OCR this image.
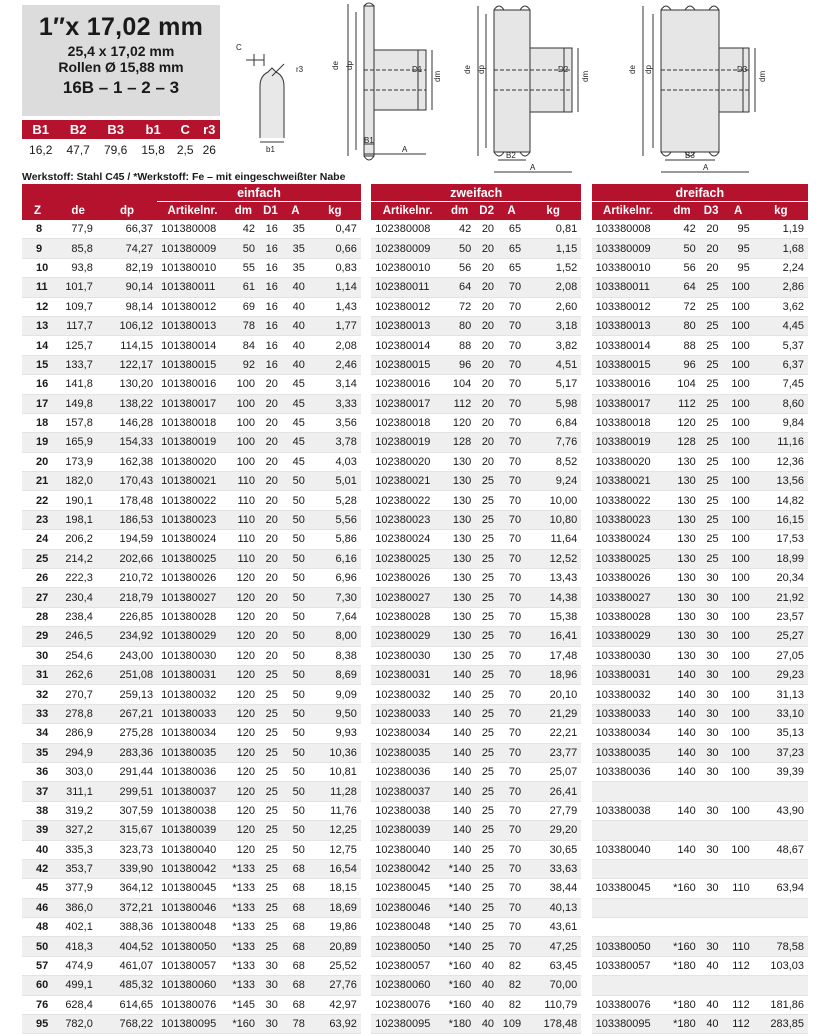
1″x 17,02 mm
25,4 x 17,02 mm
Rollen Ø 15,88 mm
16B – 1 – 2 – 3
B1	B2	B3	b1	C	r3
16,2	47,7	79,6	15,8	2,5	26
Werkstoff: Stahl C45 / *Werkstoff: Fe – mit eingeschweißter Nabe
C
r3
b1
de dp	D1
dm
B1
A
de dp	D2
dm
B2
A
de dp	D3
dm
B3
A
			einfach						zweifach						dreifach				
Z	de	dp	Artikelnr.	dm	D1	A	kg		Artikelnr.	dm	D2	A	kg		Artikelnr.	dm	D3	A	kg
8	77,9	66,37	101380008	42	16	35	0,47		102380008	42	20	65	0,81		103380008	42	20	95	1,19
9	85,8	74,27	101380009	50	16	35	0,66		102380009	50	20	65	1,15		103380009	50	20	95	1,68
10	93,8	82,19	101380010	55	16	35	0,83		102380010	56	20	65	1,52		103380010	56	20	95	2,24
11	101,7	90,14	101380011	61	16	40	1,14		102380011	64	20	70	2,08		103380011	64	25	100	2,86
12	109,7	98,14	101380012	69	16	40	1,43		102380012	72	20	70	2,60		103380012	72	25	100	3,62
13	117,7	106,12	101380013	78	16	40	1,77		102380013	80	20	70	3,18		103380013	80	25	100	4,45
14	125,7	114,15	101380014	84	16	40	2,08		102380014	88	20	70	3,82		103380014	88	25	100	5,37
15	133,7	122,17	101380015	92	16	40	2,46		102380015	96	20	70	4,51		103380015	96	25	100	6,37
16	141,8	130,20	101380016	100	20	45	3,14		102380016	104	20	70	5,17		103380016	104	25	100	7,45
17	149,8	138,22	101380017	100	20	45	3,33		102380017	112	20	70	5,98		103380017	112	25	100	8,60
18	157,8	146,28	101380018	100	20	45	3,56		102380018	120	20	70	6,84		103380018	120	25	100	9,84
19	165,9	154,33	101380019	100	20	45	3,78		102380019	128	20	70	7,76		103380019	128	25	100	11,16
20	173,9	162,38	101380020	100	20	45	4,03		102380020	130	20	70	8,52		103380020	130	25	100	12,36
21	182,0	170,43	101380021	110	20	50	5,01		102380021	130	25	70	9,24		103380021	130	25	100	13,56
22	190,1	178,48	101380022	110	20	50	5,28		102380022	130	25	70	10,00		103380022	130	25	100	14,82
23	198,1	186,53	101380023	110	20	50	5,56		102380023	130	25	70	10,80		103380023	130	25	100	16,15
24	206,2	194,59	101380024	110	20	50	5,86		102380024	130	25	70	11,64		103380024	130	25	100	17,53
25	214,2	202,66	101380025	110	20	50	6,16		102380025	130	25	70	12,52		103380025	130	25	100	18,99
26	222,3	210,72	101380026	120	20	50	6,96		102380026	130	25	70	13,43		103380026	130	30	100	20,34
27	230,4	218,79	101380027	120	20	50	7,30		102380027	130	25	70	14,38		103380027	130	30	100	21,92
28	238,4	226,85	101380028	120	20	50	7,64		102380028	130	25	70	15,38		103380028	130	30	100	23,57
29	246,5	234,92	101380029	120	20	50	8,00		102380029	130	25	70	16,41		103380029	130	30	100	25,27
30	254,6	243,00	101380030	120	20	50	8,38		102380030	130	25	70	17,48		103380030	130	30	100	27,05
31	262,6	251,08	101380031	120	25	50	8,69		102380031	140	25	70	18,96		103380031	140	30	100	29,23
32	270,7	259,13	101380032	120	25	50	9,09		102380032	140	25	70	20,10		103380032	140	30	100	31,13
33	278,8	267,21	101380033	120	25	50	9,50		102380033	140	25	70	21,29		103380033	140	30	100	33,10
34	286,9	275,28	101380034	120	25	50	9,93		102380034	140	25	70	22,21		103380034	140	30	100	35,13
35	294,9	283,36	101380035	120	25	50	10,36		102380035	140	25	70	23,77		103380035	140	30	100	37,23
36	303,0	291,44	101380036	120	25	50	10,81		102380036	140	25	70	25,07		103380036	140	30	100	39,39
37	311,1	299,51	101380037	120	25	50	11,28		102380037	140	25	70	26,41						
38	319,2	307,59	101380038	120	25	50	11,76		102380038	140	25	70	27,79		103380038	140	30	100	43,90
39	327,2	315,67	101380039	120	25	50	12,25		102380039	140	25	70	29,20						
40	335,3	323,73	101380040	120	25	50	12,75		102380040	140	25	70	30,65		103380040	140	30	100	48,67
42	353,7	339,90	101380042	*133	25	68	16,54		102380042	*140	25	70	33,63						
45	377,9	364,12	101380045	*133	25	68	18,15		102380045	*140	25	70	38,44		103380045	*160	30	110	63,94
46	386,0	372,21	101380046	*133	25	68	18,69		102380046	*140	25	70	40,13						
48	402,1	388,36	101380048	*133	25	68	19,86		102380048	*140	25	70	43,61						
50	418,3	404,52	101380050	*133	25	68	20,89		102380050	*140	25	70	47,25		103380050	*160	30	110	78,58
57	474,9	461,07	101380057	*133	30	68	25,52		102380057	*160	40	82	63,45		103380057	*180	40	112	103,03
60	499,1	485,32	101380060	*133	30	68	27,76		102380060	*160	40	82	70,00						
76	628,4	614,65	101380076	*145	30	68	42,97		102380076	*160	40	82	110,79		103380076	*180	40	112	181,86
95	782,0	768,22	101380095	*160	30	78	63,92		102380095	*180	40	109	178,48		103380095	*180	40	112	283,85
